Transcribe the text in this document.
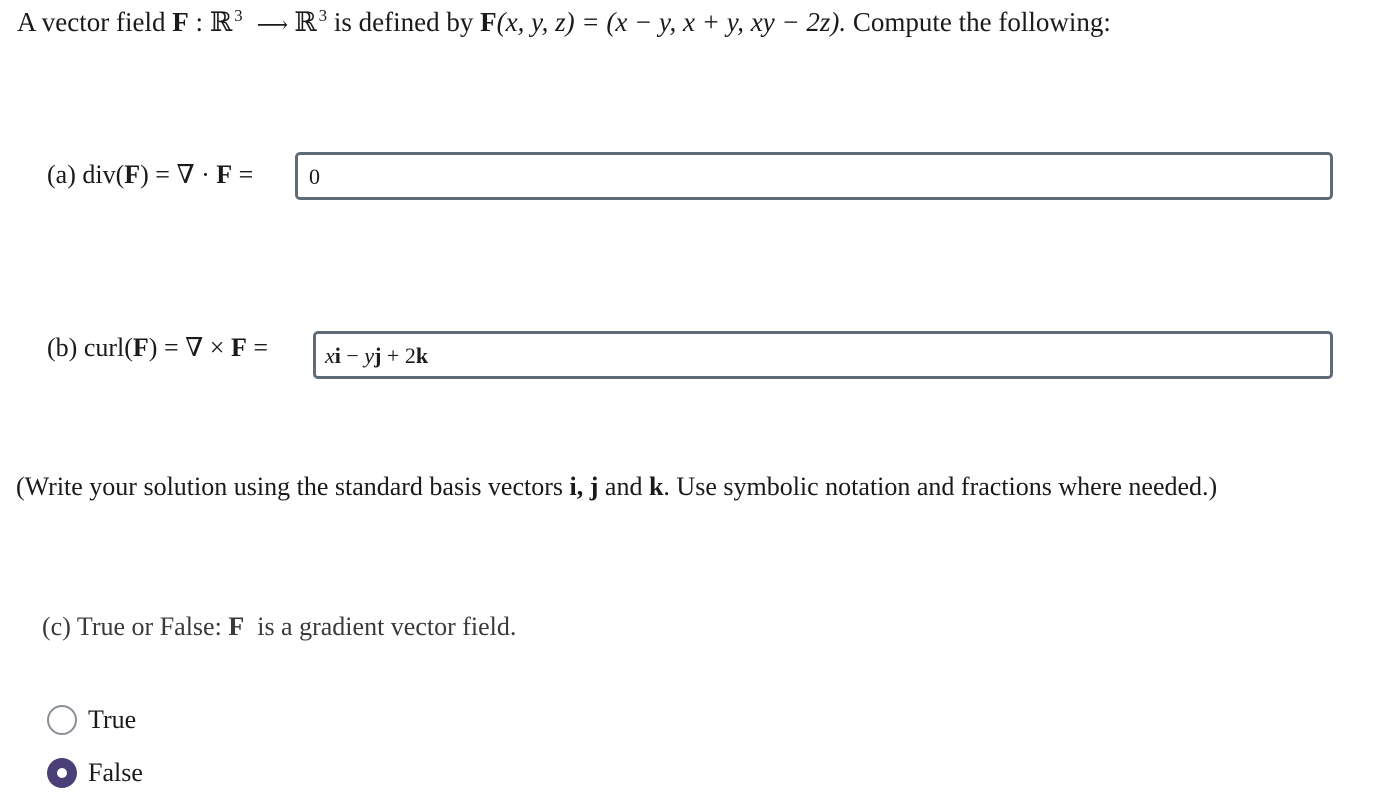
A vector field F : ℝ $^3$ ⟶ ℝ $^3$ is defined by F(x, y, z) = (x − y, x + y, xy − 2z). Compute the following:
(a) div(F) = ∇ · F =	0
(b) curl(F) = ∇ × F =	xi − yj + 2k
(Write your solution using the standard basis vectors i, j and k. Use symbolic notation and fractions where needed.)
(c) True or False: F  is a gradient vector field.
True
False
